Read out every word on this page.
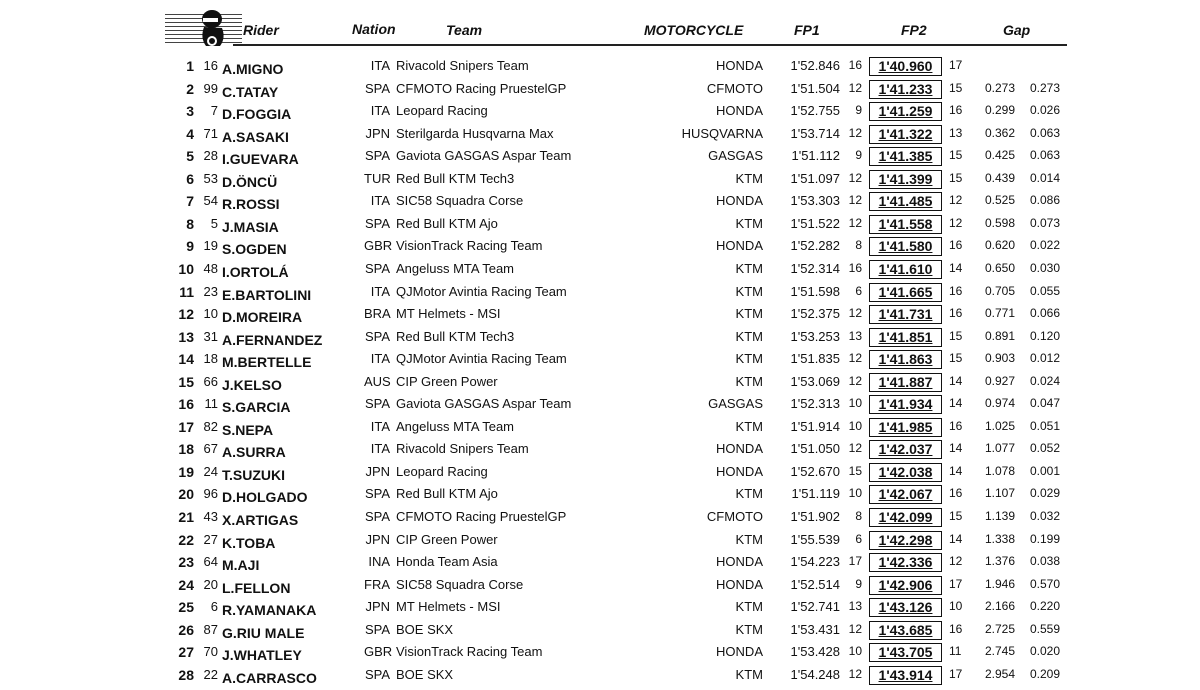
Rider	Nation	Team	MOTORCYCLE	FP1	FP2	Gap
1 16 A.MIGNO	ITA Rivacold Snipers Team	HONDA	1'52.846 16	1'40.960	17
2 99 C.TATAY	SPA CFMOTO Racing PruestelGP	CFMOTO	1'51.504 12	1'41.233	15	0.273	0.273
3	7 D.FOGGIA	ITA Leopard Racing	HONDA	1'52.755	9	1'41.259	16	0.299	0.026
4 71 A.SASAKI	JPN Sterilgarda Husqvarna Max	HUSQVARNA	1'53.714 12	1'41.322	13	0.362	0.063
5 28 I.GUEVARA	SPA Gaviota GASGAS Aspar Team	GASGAS	1'51.112	9	1'41.385	15	0.425	0.063
6 53 D.ÖNCÜ	TUR Red Bull KTM Tech3	KTM	1'51.097 12	1'41.399	15	0.439	0.014
7 54 R.ROSSI	ITA SIC58 Squadra Corse	HONDA	1'53.303 12	1'41.485	12	0.525	0.086
8	5 J.MASIA	SPA Red Bull KTM Ajo	KTM	1'51.522 12	1'41.558	12	0.598	0.073
9 19 S.OGDEN	GBR VisionTrack Racing Team	HONDA	1'52.282	8	1'41.580	16	0.620	0.022
10 48 I.ORTOLÁ	SPA Angeluss MTA Team	KTM	1'52.314 16	1'41.610	14	0.650	0.030
11 23 E.BARTOLINI	ITA QJMotor Avintia Racing Team	KTM	1'51.598	6	1'41.665	16	0.705	0.055
12 10 D.MOREIRA	BRA MT Helmets - MSI	KTM	1'52.375 12	1'41.731	16	0.771	0.066
13 31 A.FERNANDEZ	SPA Red Bull KTM Tech3	KTM	1'53.253 13	1'41.851	15	0.891	0.120
14 18 M.BERTELLE	ITA QJMotor Avintia Racing Team	KTM	1'51.835 12	1'41.863	15	0.903	0.012
15 66 J.KELSO	AUS CIP Green Power	KTM	1'53.069 12	1'41.887	14	0.927	0.024
16 11 S.GARCIA	SPA Gaviota GASGAS Aspar Team	GASGAS	1'52.313 10	1'41.934	14	0.974	0.047
17 82 S.NEPA	ITA Angeluss MTA Team	KTM	1'51.914 10	1'41.985	16	1.025	0.051
18 67 A.SURRA	ITA Rivacold Snipers Team	HONDA	1'51.050 12	1'42.037	14	1.077	0.052
19 24 T.SUZUKI	JPN Leopard Racing	HONDA	1'52.670 15	1'42.038	14	1.078	0.001
20 96 D.HOLGADO	SPA Red Bull KTM Ajo	KTM	1'51.119 10	1'42.067	16	1.107	0.029
21 43 X.ARTIGAS	SPA CFMOTO Racing PruestelGP	CFMOTO	1'51.902	8	1'42.099	15	1.139	0.032
22 27 K.TOBA	JPN CIP Green Power	KTM	1'55.539	6	1'42.298	14	1.338	0.199
23 64 M.AJI	INA Honda Team Asia	HONDA	1'54.223 17	1'42.336	12	1.376	0.038
24 20 L.FELLON	FRA SIC58 Squadra Corse	HONDA	1'52.514	9	1'42.906	17	1.946	0.570
25	6 R.YAMANAKA	JPN MT Helmets - MSI	KTM	1'52.741 13	1'43.126	10	2.166	0.220
26 87 G.RIU MALE	SPA BOE SKX	KTM	1'53.431 12	1'43.685	16	2.725	0.559
27 70 J.WHATLEY	GBR VisionTrack Racing Team	HONDA	1'53.428 10	1'43.705	11	2.745	0.020
28 22 A.CARRASCO	SPA BOE SKX	KTM	1'54.248 12	1'43.914	17	2.954	0.209
